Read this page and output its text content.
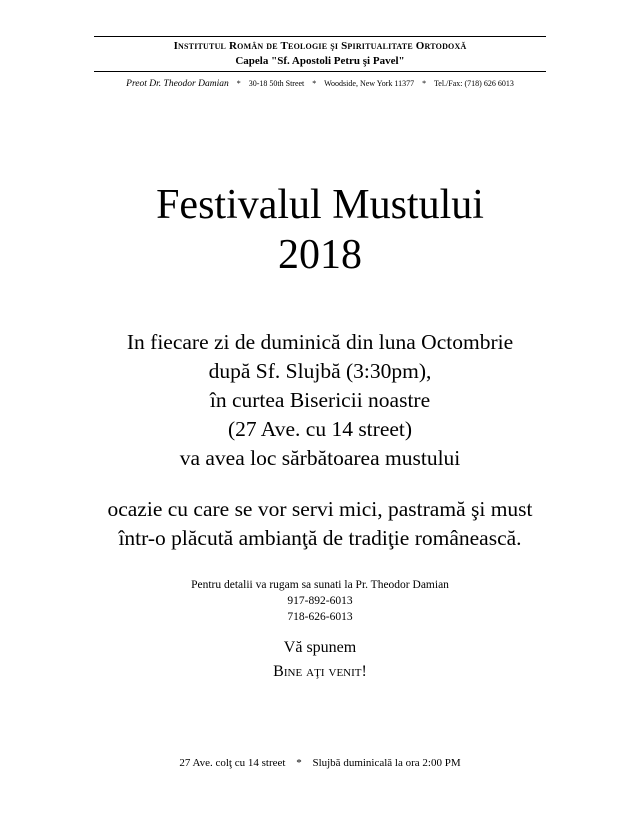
Institutul Român de Teologie şi Spiritualitate Ortodoxă
Capela "Sf. Apostoli Petru şi Pavel"
Preot Dr. Theodor Damian * 30-18 50th Street * Woodside, New York 11377 * Tel./Fax: (718) 626 6013
Festivalul Mustului
2018
In fiecare zi de duminică din luna Octombrie
după Sf. Slujbă (3:30pm),
în curtea Bisericii noastre
(27 Ave. cu 14 street)
va avea loc sărbătoarea mustului
ocazie cu care se vor servi mici, pastramă şi must
într-o plăcută ambianţă de tradiţie românească.
Pentru detalii va rugam sa sunati la Pr. Theodor Damian
917-892-6013
718-626-6013
Vă spunem
Bine aţi venit!
27 Ave. colţ cu 14 street * Slujbă duminicală la ora 2:00 PM
